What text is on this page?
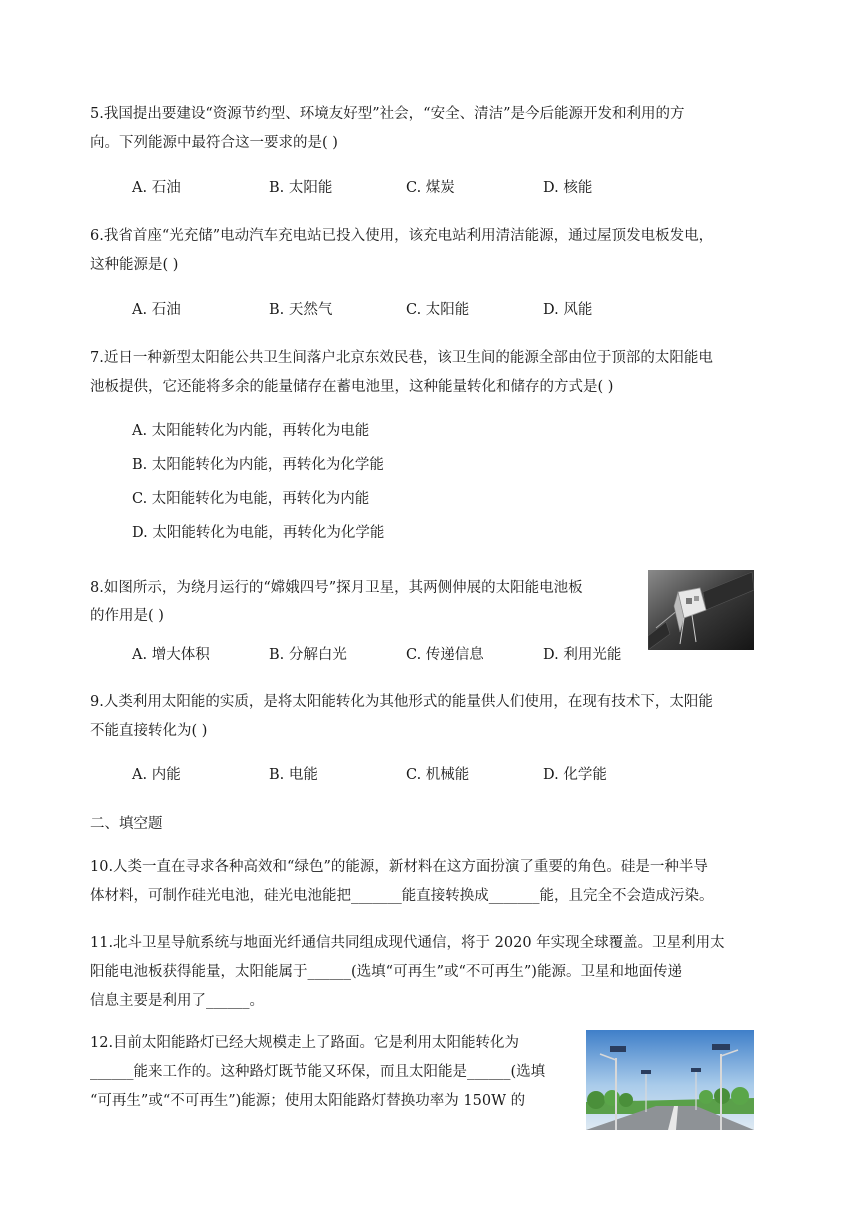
5.我国提出要建设“资源节约型、环境友好型”社会，“安全、清洁”是今后能源开发和利用的方
向。下列能源中最符合这一要求的是( )
A. 石油	B. 太阳能	C. 煤炭	D. 核能
6.我省首座“光充储”电动汽车充电站已投入使用，该充电站利用清洁能源，通过屋顶发电板发电，
这种能源是( )
A. 石油	B. 天然气	C. 太阳能	D. 风能
7.近日一种新型太阳能公共卫生间落户北京东效民巷，该卫生间的能源全部由位于顶部的太阳能电
池板提供，它还能将多余的能量储存在蓄电池里，这种能量转化和储存的方式是( )
A. 太阳能转化为内能，再转化为电能
B. 太阳能转化为内能，再转化为化学能
C. 太阳能转化为电能，再转化为内能
D. 太阳能转化为电能，再转化为化学能
8.如图所示，为绕月运行的“嫦娥四号”探月卫星，其两侧伸展的太阳能电池板
的作用是( )
A. 增大体积	B. 分解白光	C. 传递信息	D. 利用光能
9.人类利用太阳能的实质，是将太阳能转化为其他形式的能量供人们使用，在现有技术下，太阳能
不能直接转化为( )
A. 内能	B. 电能	C. 机械能	D. 化学能
二、填空题
10.人类一直在寻求各种高效和“绿色”的能源，新材料在这方面扮演了重要的角色。硅是一种半导
体材料，可制作硅光电池，硅光电池能把_______能直接转换成_______能，且完全不会造成污染。
11.北斗卫星导航系统与地面光纤通信共同组成现代通信，将于 2020 年实现全球覆盖。卫星利用太
阳能电池板获得能量，太阳能属于______(选填“可再生”或“不可再生”)能源。卫星和地面传递
信息主要是利用了______。
12.目前太阳能路灯已经大规模走上了路面。它是利用太阳能转化为
______能来工作的。这种路灯既节能又环保，而且太阳能是______(选填
“可再生”或“不可再生”)能源；使用太阳能路灯替换功率为 150W 的
